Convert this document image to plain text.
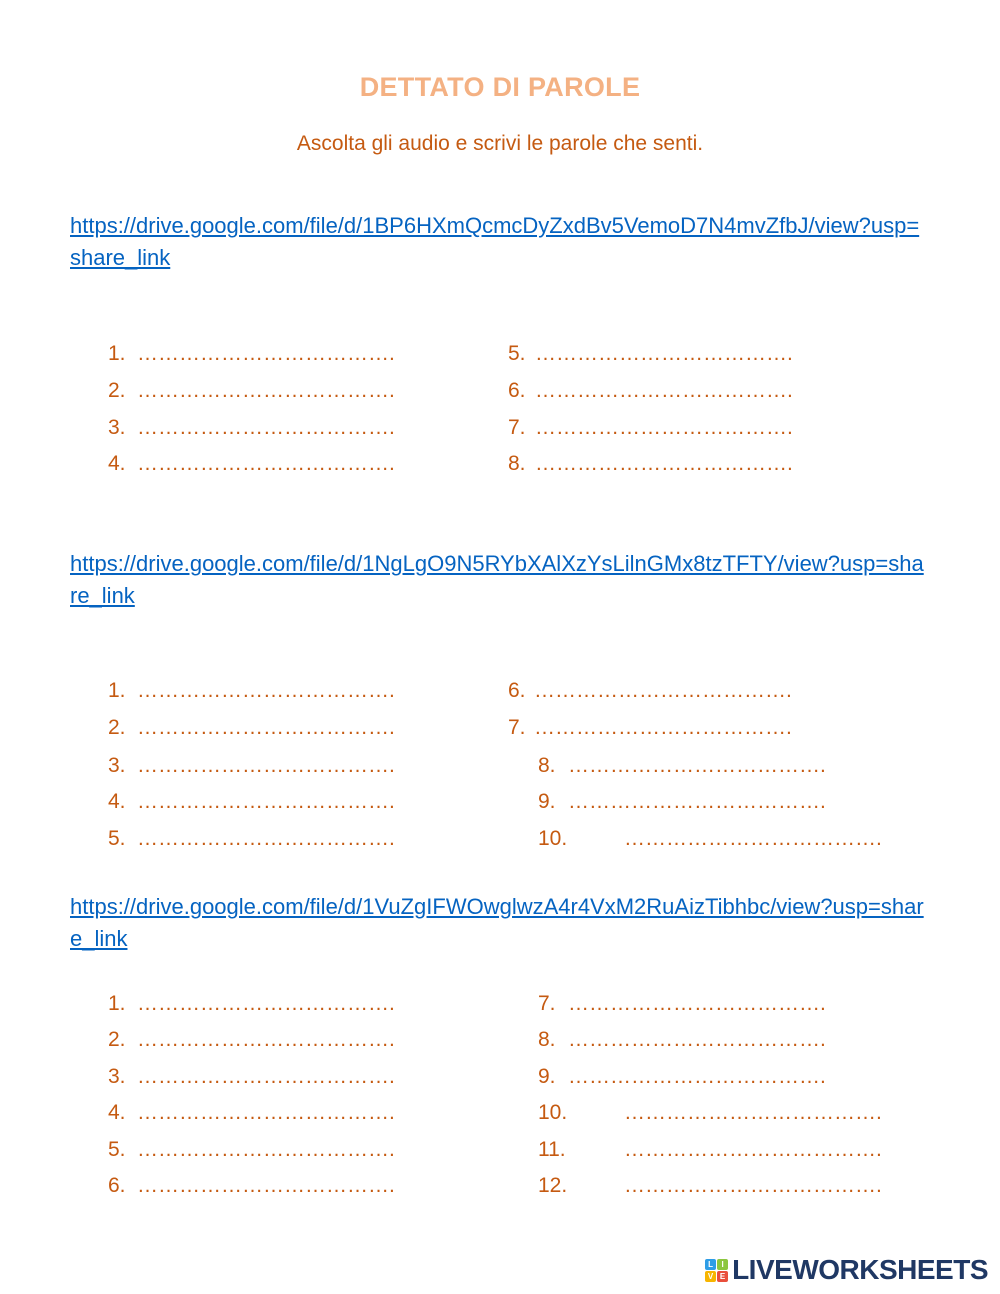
DETTATO DI PAROLE
Ascolta gli audio e scrivi le parole che senti.
https://drive.google.com/file/d/1BP6HXmQcmcDyZxdBv5VemoD7N4mvZfbJ/view?usp=share_link
1. ……………………………….
2. ……………………………….
3. ……………………………….
4. ……………………………….
5. ……………………………….
6. ……………………………….
7. ……………………………….
8. ……………………………….
https://drive.google.com/file/d/1NgLgO9N5RYbXAlXzYsLilnGMx8tzTFTY/view?usp=share_link
1. ……………………………….
2. ……………………………….
3. ……………………………….
4. ……………………………….
5. ……………………………….
6. ……………………………….
7. ……………………………….
8. ……………………………….
9. ……………………………….
10.	……………………………….
https://drive.google.com/file/d/1VuZgIFWOwglwzA4r4VxM2RuAizTibhbc/view?usp=share_link
1. ……………………………….
2. ……………………………….
3. ……………………………….
4. ……………………………….
5. ……………………………….
6. ……………………………….
7. ……………………………….
8. ……………………………….
9. ……………………………….
10.	……………………………….
11.	……………………………….
12.	……………………………….
L	I
V E LIVEWORKSHEETS
